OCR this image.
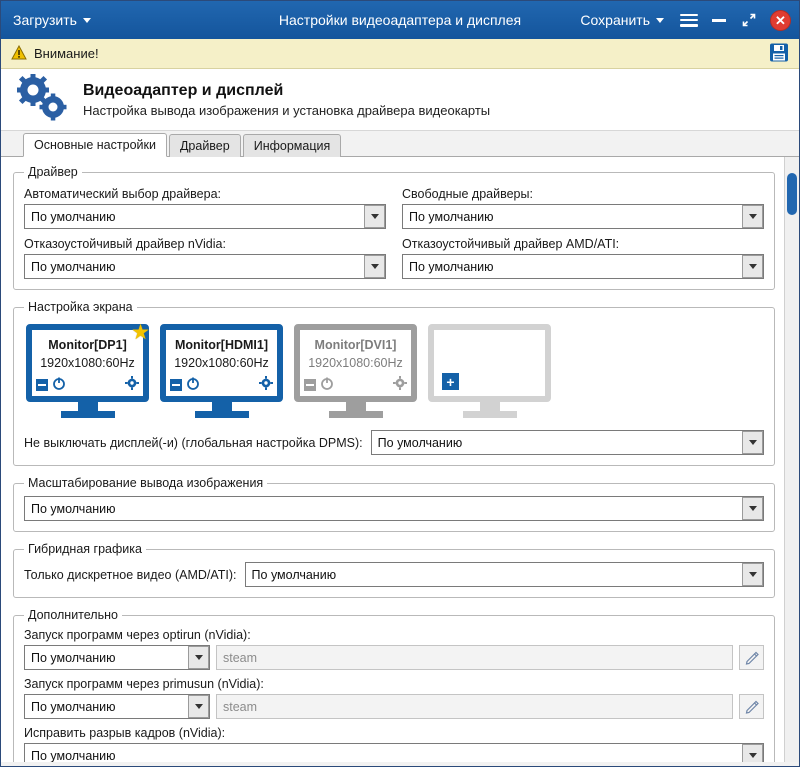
Загрузить	Настройки видеоадаптера и дисплея	Сохранить	✕
Внимание!
Видеоадаптер и дисплей

Настройка вывода изображения и установка драйвера видеокарты

Основные настройки	Драйвер	Информация
Драйвер
Автоматический выбор драйвера:
По умолчанию
Свободные драйверы:
По умолчанию
Отказоустойчивый драйвер nVidia:
По умолчанию
Отказоустойчивый драйвер AMD/ATI:
По умолчанию
Настройка экрана
★
Monitor[DP1]
1920x1080:60Hz
Monitor[HDMI1]
1920x1080:60Hz
Monitor[DVI1]
1920x1080:60Hz
+
Не выключать дисплей(-и) (глобальная настройка DPMS):	По умолчанию
Масштабирование вывода изображения
По умолчанию
Гибридная графика
Только дискретное видео (AMD/ATI):	По умолчанию
Дополнительно
Запуск программ через optirun (nVidia):
По умолчанию	steam
Запуск программ через primusun (nVidia):
По умолчанию	steam
Исправить разрыв кадров (nVidia):
По умолчанию
